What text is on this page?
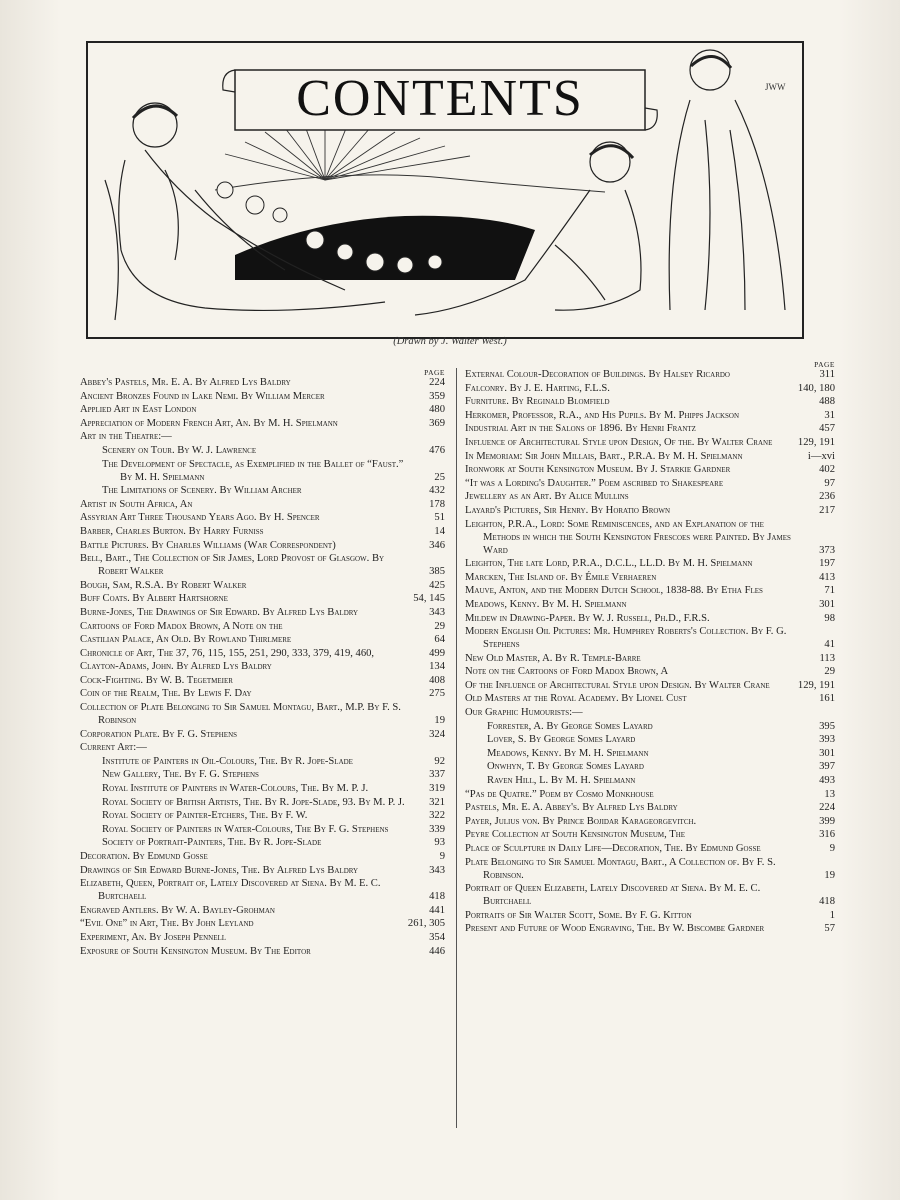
CONTENTS	JWW
(Drawn by J. Walter West.)
PAGE
Abbey's Pastels, Mr. E. A. By Alfred Lys Baldry	224
Ancient Bronzes Found in Lake Nemi. By William Mercer	359
Applied Art in East London	480
Appreciation of Modern French Art, An. By M. H. Spielmann	369
Art in the Theatre:—
Scenery on Tour. By W. J. Lawrence	476
The Development of Spectacle, as Exemplified in the Ballet of “Faust.” By M. H. Spielmann	25
The Limitations of Scenery. By William Archer	432
Artist in South Africa, An	178
Assyrian Art Three Thousand Years Ago. By H. Spencer	51
Barber, Charles Burton. By Harry Furniss	14
Battle Pictures. By Charles Williams (War Correspondent)	346
Bell, Bart., The Collection of Sir James, Lord Provost of Glasgow. By Robert Walker	385
Bough, Sam, R.S.A. By Robert Walker	425
Buff Coats. By Albert Hartshorne	54, 145
Burne-Jones, The Drawings of Sir Edward. By Alfred Lys Baldry	343
Cartoons of Ford Madox Brown, A Note on the	29
Castilian Palace, An Old. By Rowland Thirlmere	64
Chronicle of Art, The 37, 76, 115, 155, 251, 290, 333, 379, 419, 460,	499
Clayton-Adams, John. By Alfred Lys Baldry	134
Cock-Fighting. By W. B. Tegetmeier	408
Coin of the Realm, The. By Lewis F. Day	275
Collection of Plate Belonging to Sir Samuel Montagu, Bart., M.P. By F. S. Robinson	19
Corporation Plate. By F. G. Stephens	324
Current Art:—
Institute of Painters in Oil-Colours, The. By R. Jope-Slade	92
New Gallery, The. By F. G. Stephens	337
Royal Institute of Painters in Water-Colours, The. By M. P. J.	319
Royal Society of British Artists, The. By R. Jope-Slade, 93. By M. P. J. 321
Royal Society of Painter-Etchers, The. By F. W.	322
Royal Society of Painters in Water-Colours, The By F. G. Stephens	339
Society of Portrait-Painters, The. By R. Jope-Slade	93
Decoration. By Edmund Gosse	9
Drawings of Sir Edward Burne-Jones, The. By Alfred Lys Baldry	343
Elizabeth, Queen, Portrait of, Lately Discovered at Siena. By M. E. C. Burtchaell	418
Engraved Antlers. By W. A. Bayley-Grohman	441
“Evil One” in Art, The. By John Leyland	261, 305
Experiment, An. By Joseph Pennell	354
Exposure of South Kensington Museum. By The Editor	446
PAGE
External Colour-Decoration of Buildings. By Halsey Ricardo	311
Falconry. By J. E. Harting, F.L.S.	140, 180
Furniture. By Reginald Blomfield	488
Herkomer, Professor, R.A., and His Pupils. By M. Phipps Jackson	31
Industrial Art in the Salons of 1896. By Henri Frantz	457
Influence of Architectural Style upon Design, Of the. By Walter Crane	129, 191
In Memoriam: Sir John Millais, Bart., P.R.A. By M. H. Spielmann	i—xvi
Ironwork at South Kensington Museum. By J. Starkie Gardner	402
“It was a Lording's Daughter.” Poem ascribed to Shakespeare	97
Jewellery as an Art. By Alice Mullins	236
Layard's Pictures, Sir Henry. By Horatio Brown	217
Leighton, P.R.A., Lord: Some Reminiscences, and an Explanation of the Methods in which the South Kensington Frescoes were Painted. By James Ward	373
Leighton, The late Lord, P.R.A., D.C.L., LL.D. By M. H. Spielmann	197
Marcken, The Island of. By Émile Verhaeren	413
Mauve, Anton, and the Modern Dutch School, 1838-88. By Etha Fles	71
Meadows, Kenny. By M. H. Spielmann	301
Mildew in Drawing-Paper. By W. J. Russell, Ph.D., F.R.S.	98
Modern English Oil Pictures: Mr. Humphrey Roberts's Collection. By F. G. Stephens	41
New Old Master, A. By R. Temple-Barre	113
Note on the Cartoons of Ford Madox Brown, A	29
Of the Influence of Architectural Style upon Design. By Walter Crane	129, 191
Old Masters at the Royal Academy. By Lionel Cust	161
Our Graphic Humourists:—
Forrester, A. By George Somes Layard	395
Lover, S. By George Somes Layard	393
Meadows, Kenny. By M. H. Spielmann	301
Onwhyn, T. By George Somes Layard	397
Raven Hill, L. By M. H. Spielmann	493
“Pas de Quatre.” Poem by Cosmo Monkhouse	13
Pastels, Mr. E. A. Abbey's. By Alfred Lys Baldry	224
Payer, Julius von. By Prince Bojidar Karageorgevitch.	399
Peyre Collection at South Kensington Museum, The	316
Place of Sculpture in Daily Life—Decoration, The. By Edmund Gosse	9
Plate Belonging to Sir Samuel Montagu, Bart., A Collection of. By F. S. Robinson.	19
Portrait of Queen Elizabeth, Lately Discovered at Siena. By M. E. C. Burtchaell	418
Portraits of Sir Walter Scott, Some. By F. G. Kitton	1
Present and Future of Wood Engraving, The. By W. Biscombe Gardner	57
